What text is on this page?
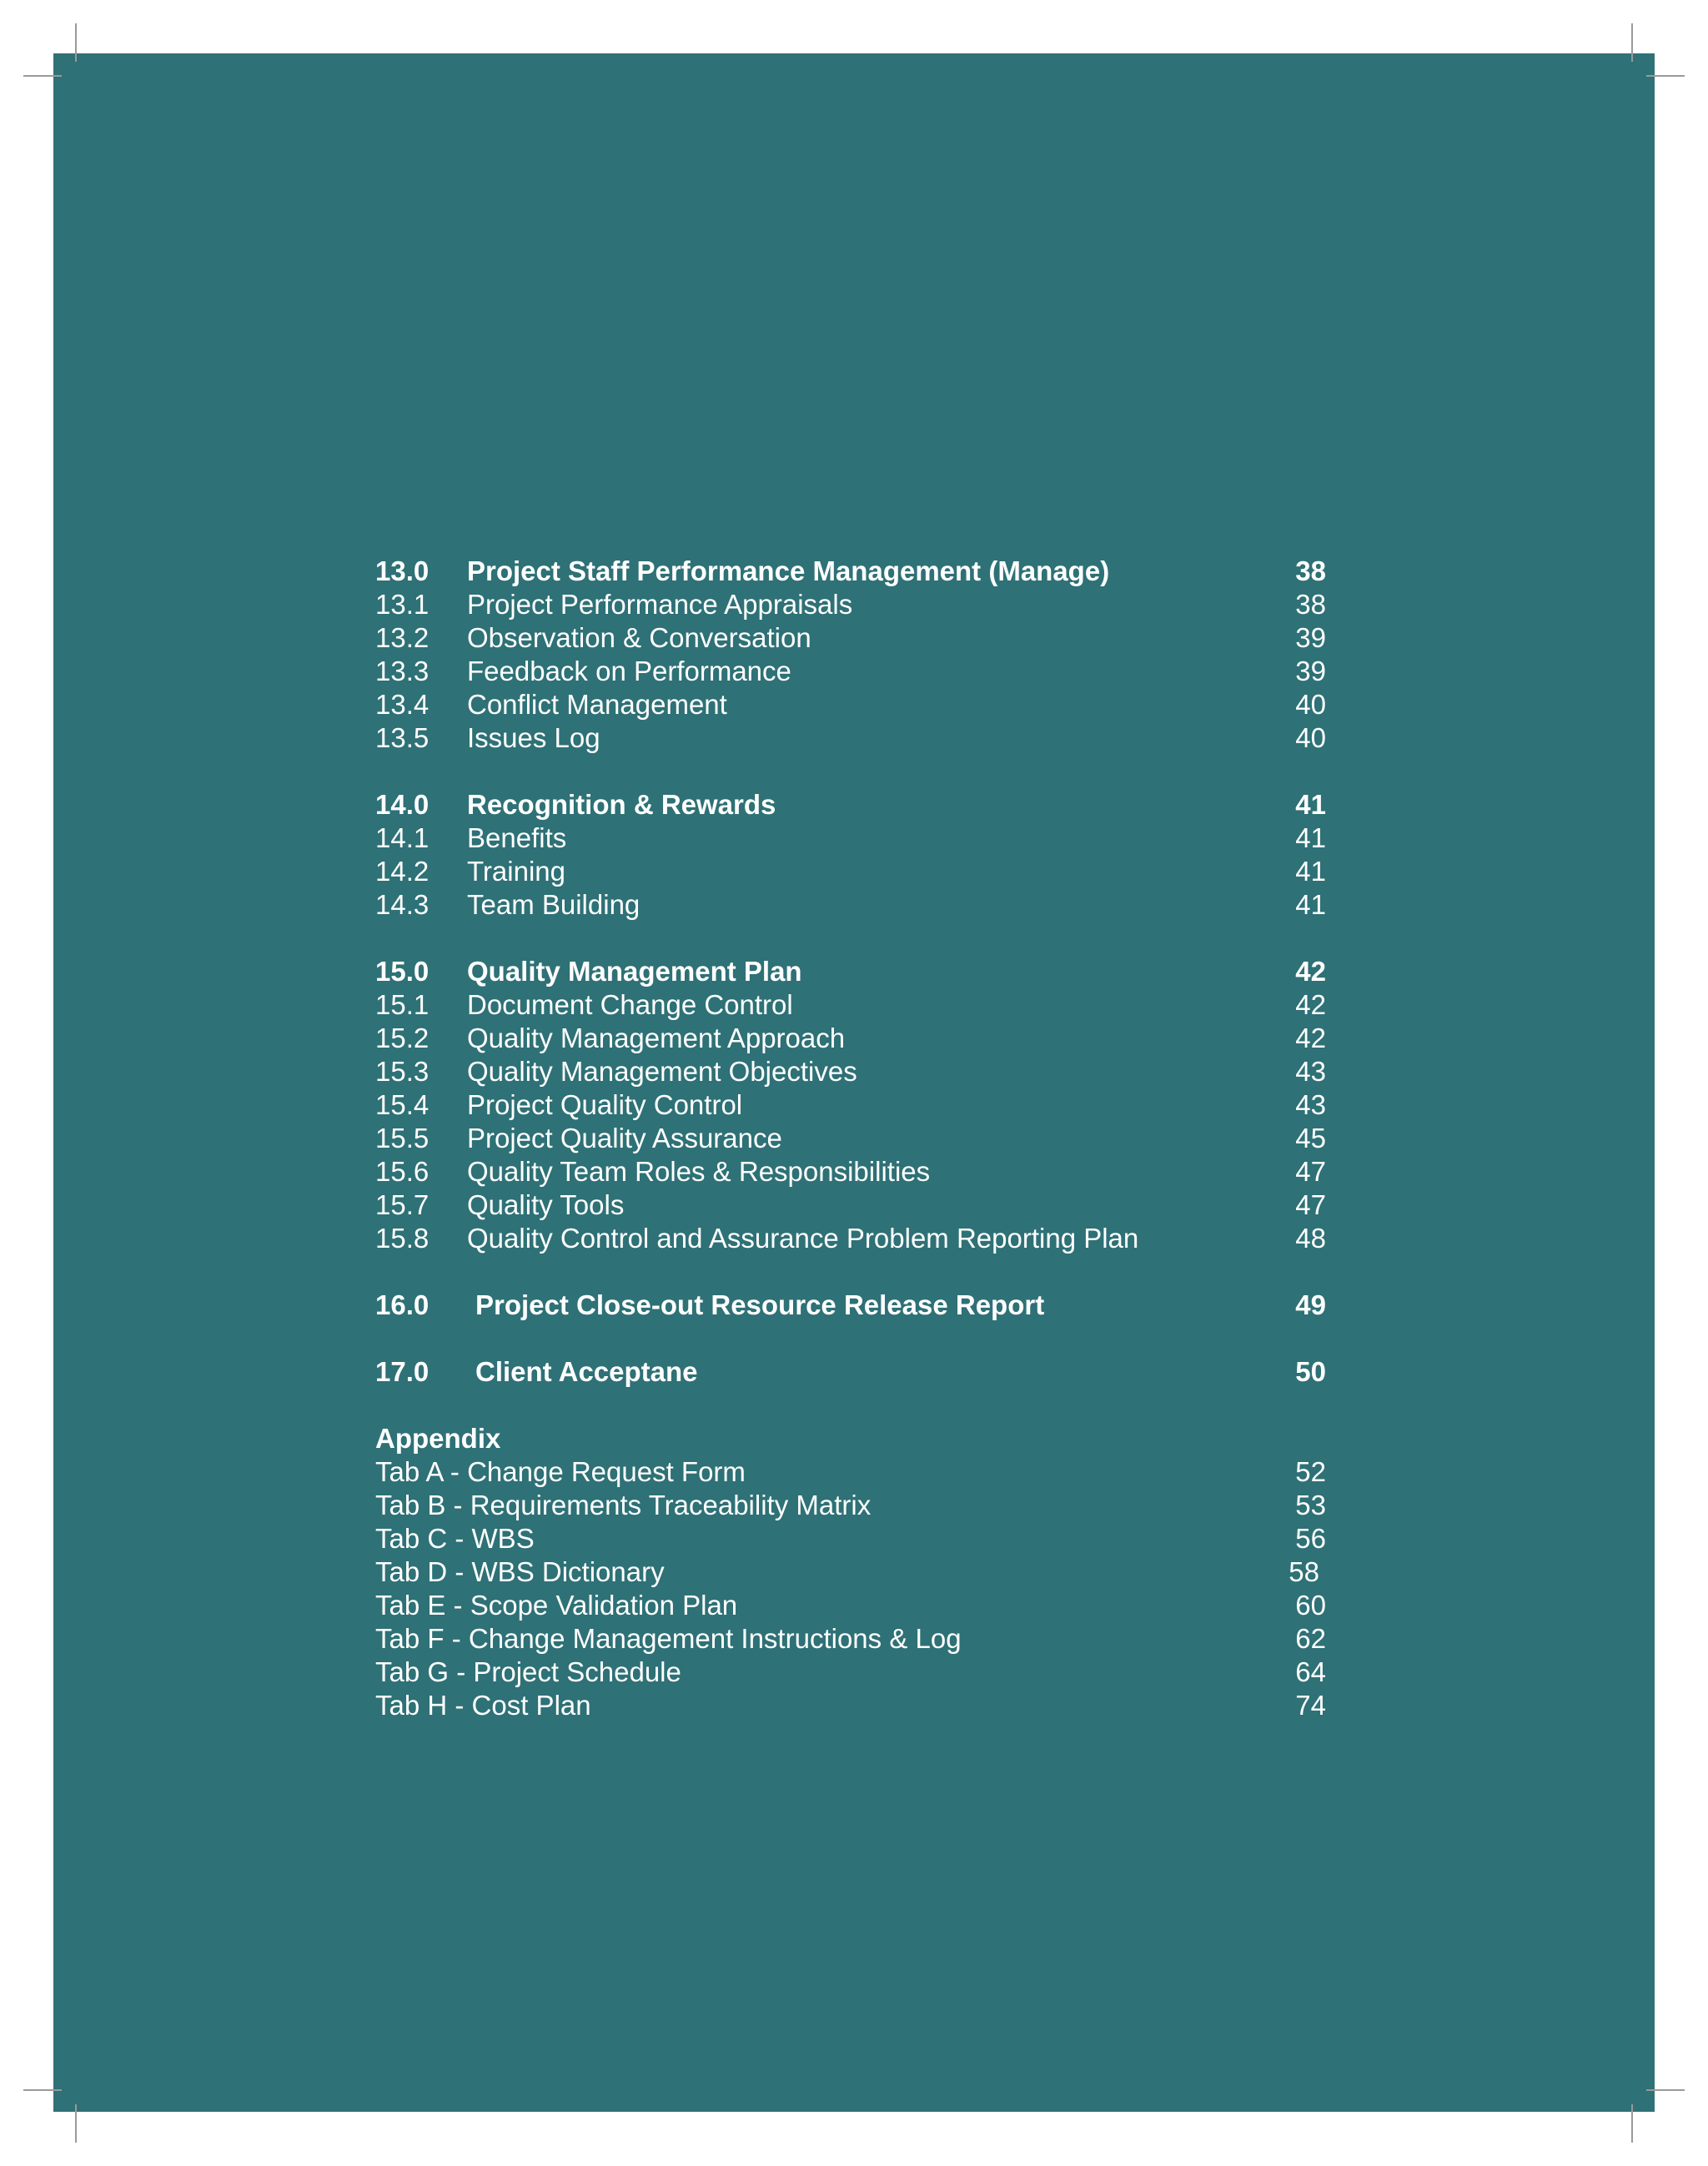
13.0 Project Staff Performance Management (Manage)	38
13.1 Project Performance Appraisals	38
13.2 Observation & Conversation	39
13.3 Feedback on Performance	39
13.4 Conflict Management	40
13.5 Issues Log	40
14.0 Recognition & Rewards	41
14.1 Benefits	41
14.2 Training	41
14.3 Team Building	41
15.0 Quality Management Plan	42
15.1 Document Change Control	42
15.2 Quality Management Approach	42
15.3 Quality Management Objectives	43
15.4 Project Quality Control	43
15.5 Project Quality Assurance	45
15.6 Quality Team Roles & Responsibilities	47
15.7 Quality Tools	47
15.8 Quality Control and Assurance Problem Reporting Plan	48
16.0 Project Close-out Resource Release Report	49
17.0 Client Acceptane	50
Appendix
Tab A - Change Request Form	52
Tab B - Requirements Traceability Matrix	53
Tab C - WBS	56
Tab D - WBS Dictionary	58
Tab E - Scope Validation Plan	60
Tab F - Change Management Instructions & Log	62
Tab G - Project Schedule	64
Tab H - Cost Plan	74
